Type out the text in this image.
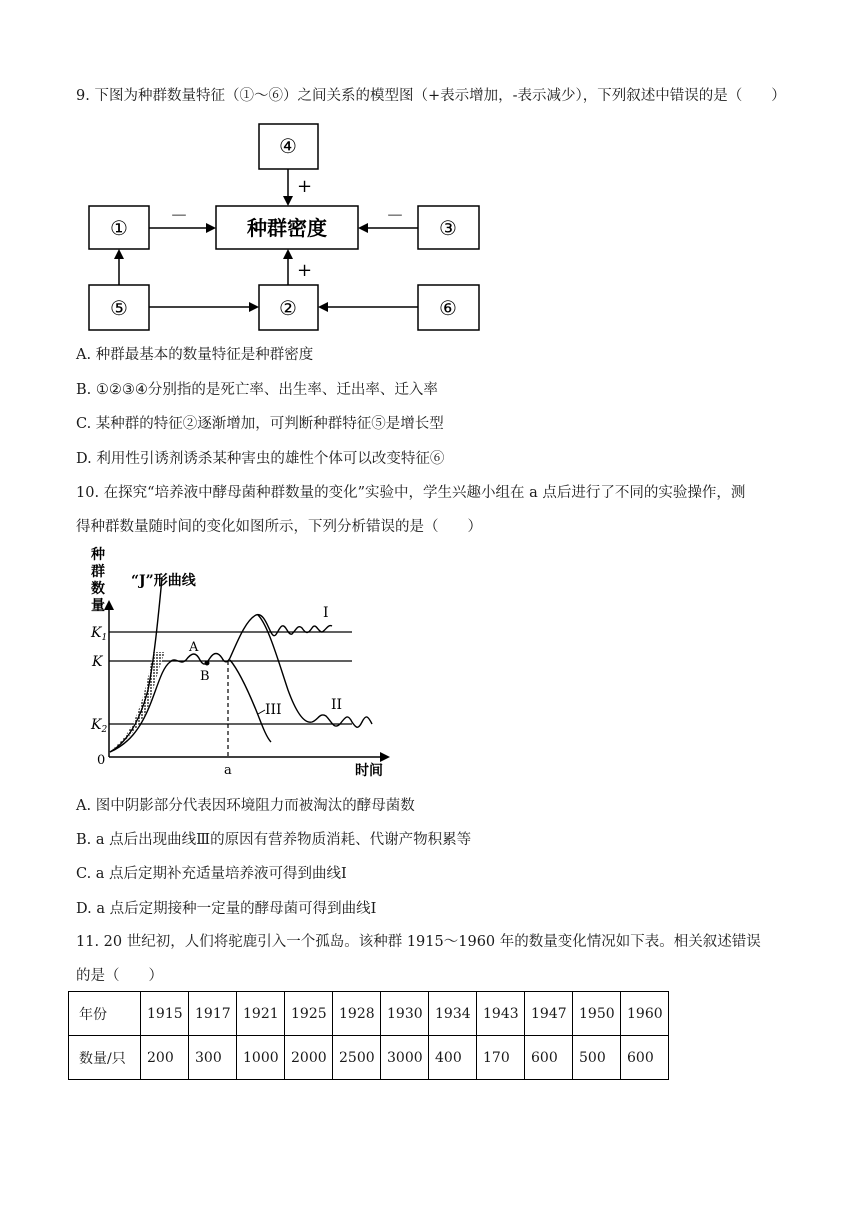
9. 下图为种群数量特征（①～⑥）之间关系的模型图（+表示增加，-表示减少），下列叙述中错误的是（　　）
④
①	种群密度	③
⑤	②	⑥
+
－	－
+
A. 种群最基本的数量特征是种群密度
B. ①②③④分别指的是死亡率、出生率、迁出率、迁入率
C. 某种群的特征②逐渐增加，可判断种群特征⑤是增长型
D. 利用性引诱剂诱杀某种害虫的雄性个体可以改变特征⑥
10. 在探究“培养液中酵母菌种群数量的变化”实验中，学生兴趣小组在 a 点后进行了不同的实验操作，测
得种群数量随时间的变化如图所示，下列分析错误的是（　　）
种
群
数
量
0
时间
$K_1$
K
$K_2$
“J”形曲线
A
B
a
I
II
III
A. 图中阴影部分代表因环境阻力而被淘汰的酵母菌数
B. a 点后出现曲线Ⅲ的原因有营养物质消耗、代谢产物积累等
C. a 点后定期补充适量培养液可得到曲线Ⅰ
D. a 点后定期接种一定量的酵母菌可得到曲线Ⅰ
11. 20 世纪初，人们将驼鹿引入一个孤岛。该种群 1915～1960 年的数量变化情况如下表。相关叙述错误
的是（　　）
年份	1915	1917	1921	1925	1928	1930	1934	1943	1947	1950	1960
数量/只	200	300	1000	2000	2500	3000	400	170	600	500	600
